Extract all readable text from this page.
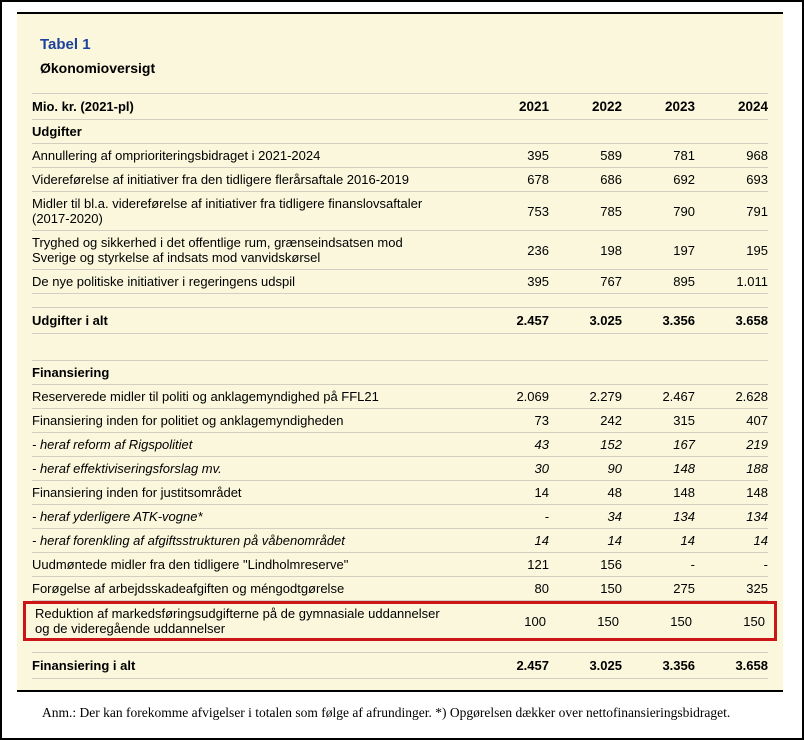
Tabel 1
Økonomioversigt
Mio. kr. (2021-pl)	2021	2022	2023	2024
Udgifter
Annullering af omprioriteringsbidraget i 2021-2024	395	589	781	968
Videreførelse af initiativer fra den tidligere flerårsaftale 2016-2019	678	686	692	693
Midler til bl.a. videreførelse af initiativer fra tidligere finanslovsaftaler (2017-2020)	753	785	790	791
Tryghed og sikkerhed i det offentlige rum, grænseindsatsen mod Sverige og styrkelse af indsats mod vanvidskørsel	236	198	197	195
De nye politiske initiativer i regeringens udspil	395	767	895	1.011
Udgifter i alt	2.457	3.025	3.356	3.658
Finansiering
Reserverede midler til politi og anklagemyndighed på FFL21	2.069	2.279	2.467	2.628
Finansiering inden for politiet og anklagemyndigheden	73	242	315	407
- heraf reform af Rigspolitiet	43	152	167	219
- heraf effektiviseringsforslag mv.	30	90	148	188
Finansiering inden for justitsområdet	14	48	148	148
- heraf yderligere ATK-vogne*	-	34	134	134
- heraf forenkling af afgiftsstrukturen på våbenområdet	14	14	14	14
Uudmøntede midler fra den tidligere "Lindholmreserve"	121	156	-	-
Forøgelse af arbejdsskadeafgiften og méngodtgørelse	80	150	275	325
Reduktion af markedsføringsudgifterne på de gymnasiale uddannelser og de videregående uddannelser	100	150	150	150
Finansiering i alt	2.457	3.025	3.356	3.658
Anm.: Der kan forekomme afvigelser i totalen som følge af afrundinger. *) Opgørelsen dækker over nettofinansieringsbidraget.
